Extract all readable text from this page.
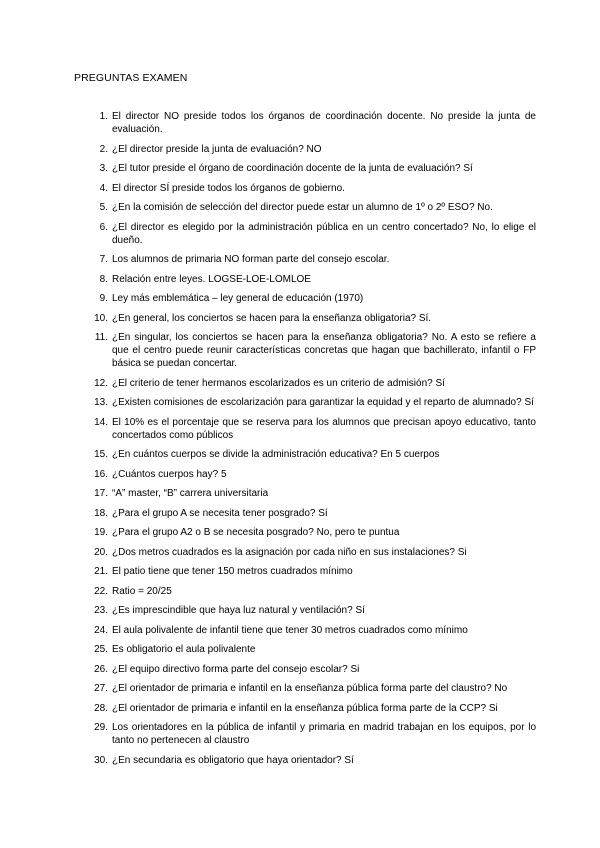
PREGUNTAS EXAMEN
1. El director NO preside todos los órganos de coordinación docente. No preside la junta de evaluación.
2. ¿El director preside la junta de evaluación? NO
3. ¿El tutor preside el órgano de coordinación docente de la junta de evaluación? Sí
4. El director SÍ preside todos los órganos de gobierno.
5. ¿En la comisión de selección del director puede estar un alumno de 1º o 2º ESO? No.
6. ¿El director es elegido por la administración pública en un centro concertado? No, lo elige el dueño.
7. Los alumnos de primaria NO forman parte del consejo escolar.
8. Relación entre leyes. LOGSE-LOE-LOMLOE
9. Ley más emblemática – ley general de educación (1970)
10. ¿En general, los conciertos se hacen para la enseñanza obligatoria? Sí.
11. ¿En singular, los conciertos se hacen para la enseñanza obligatoria? No. A esto se refiere a que el centro puede reunir características concretas que hagan que bachillerato, infantil o FP básica se puedan concertar.
12. ¿El criterio de tener hermanos escolarizados es un criterio de admisión? Sí
13. ¿Existen comisiones de escolarización para garantizar la equidad y el reparto de alumnado? Sí
14. El 10% es el porcentaje que se reserva para los alumnos que precisan apoyo educativo, tanto concertados como públicos
15. ¿En cuántos cuerpos se divide la administración educativa? En 5 cuerpos
16. ¿Cuántos cuerpos hay? 5
17. “A” master, “B” carrera universitaria
18. ¿Para el grupo A se necesita tener posgrado? Sí
19. ¿Para el grupo A2 o B se necesita posgrado? No, pero te puntua
20. ¿Dos metros cuadrados es la asignación por cada niño en sus instalaciones? Si
21. El patio tiene que tener 150 metros cuadrados mínimo
22. Ratio = 20/25
23. ¿Es imprescindible que haya luz natural y ventilación? Sí
24. El aula polivalente de infantil tiene que tener 30 metros cuadrados como mínimo
25. Es obligatorio el aula polivalente
26. ¿El equipo directivo forma parte del consejo escolar? Si
27. ¿El orientador de primaria e infantil en la enseñanza pública forma parte del claustro? No
28. ¿El orientador de primaria e infantil en la enseñanza pública forma parte de la CCP? Si
29. Los orientadores en la pública de infantil y primaria en madrid trabajan en los equipos, por lo tanto no pertenecen al claustro
30. ¿En secundaria es obligatorio que haya orientador? Sí
